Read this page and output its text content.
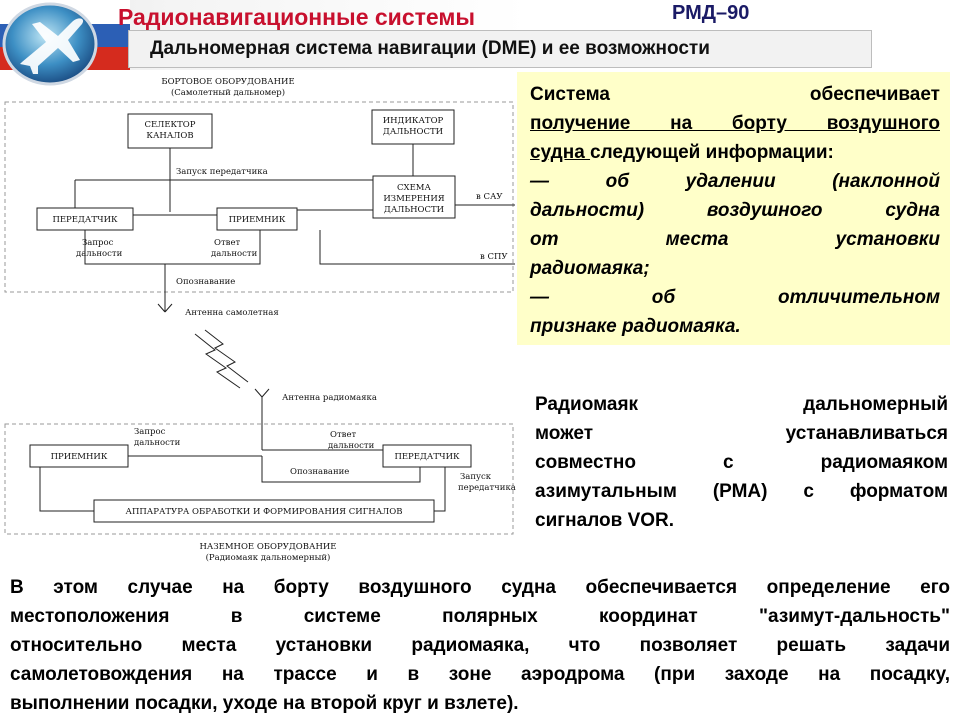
Радионавигационные системы	РМД–90
Дальномерная система навигации (DME) и ее возможности
БОРТОВОЕ ОБОРУДОВАНИЕ
(Самолетный дальномер)
СЕЛЕКТОР
КАНАЛОВ
ИНДИКАТОР
ДАЛЬНОСТИ
СХЕМА
ИЗМЕРЕНИЯ
ДАЛЬНОСТИ
ПЕРЕДАТЧИК	ПРИЕМНИК
Запуск передатчика
в САУ
в СПУ
Запрос
дальности
Ответ
дальности
Опознавание
Антенна самолетная
Антенна радиомаяка
ПРИЕМНИК	ПЕРЕДАТЧИК
Запрос
дальности
Ответ
дальности
Опознавание	Запуск
передатчика
АППАРАТУРА ОБРАБОТКИ И ФОРМИРОВАНИЯ СИГНАЛОВ
НАЗЕМНОЕ ОБОРУДОВАНИЕ
(Радиомаяк дальномерный)
Система обеспечивает
получение на борту воздушного
судна следующей информации:
— об удалении (наклонной
дальности) воздушного судна
от места установки
радиомаяка;
— об отличительном
признаке радиомаяка.
Радиомаяк дальномерный
может устанавливаться
совместно с радиомаяком
азимутальным (РМА) с форматом
сигналов VOR.
В этом случае на борту воздушного судна обеспечивается определение его
местоположения в системе полярных координат "азимут-дальность"
относительно места установки радиомаяка, что позволяет решать задачи
самолетовождения на трассе и в зоне аэродрома (при заходе на посадку,
выполнении посадки, уходе на второй круг и взлете).
